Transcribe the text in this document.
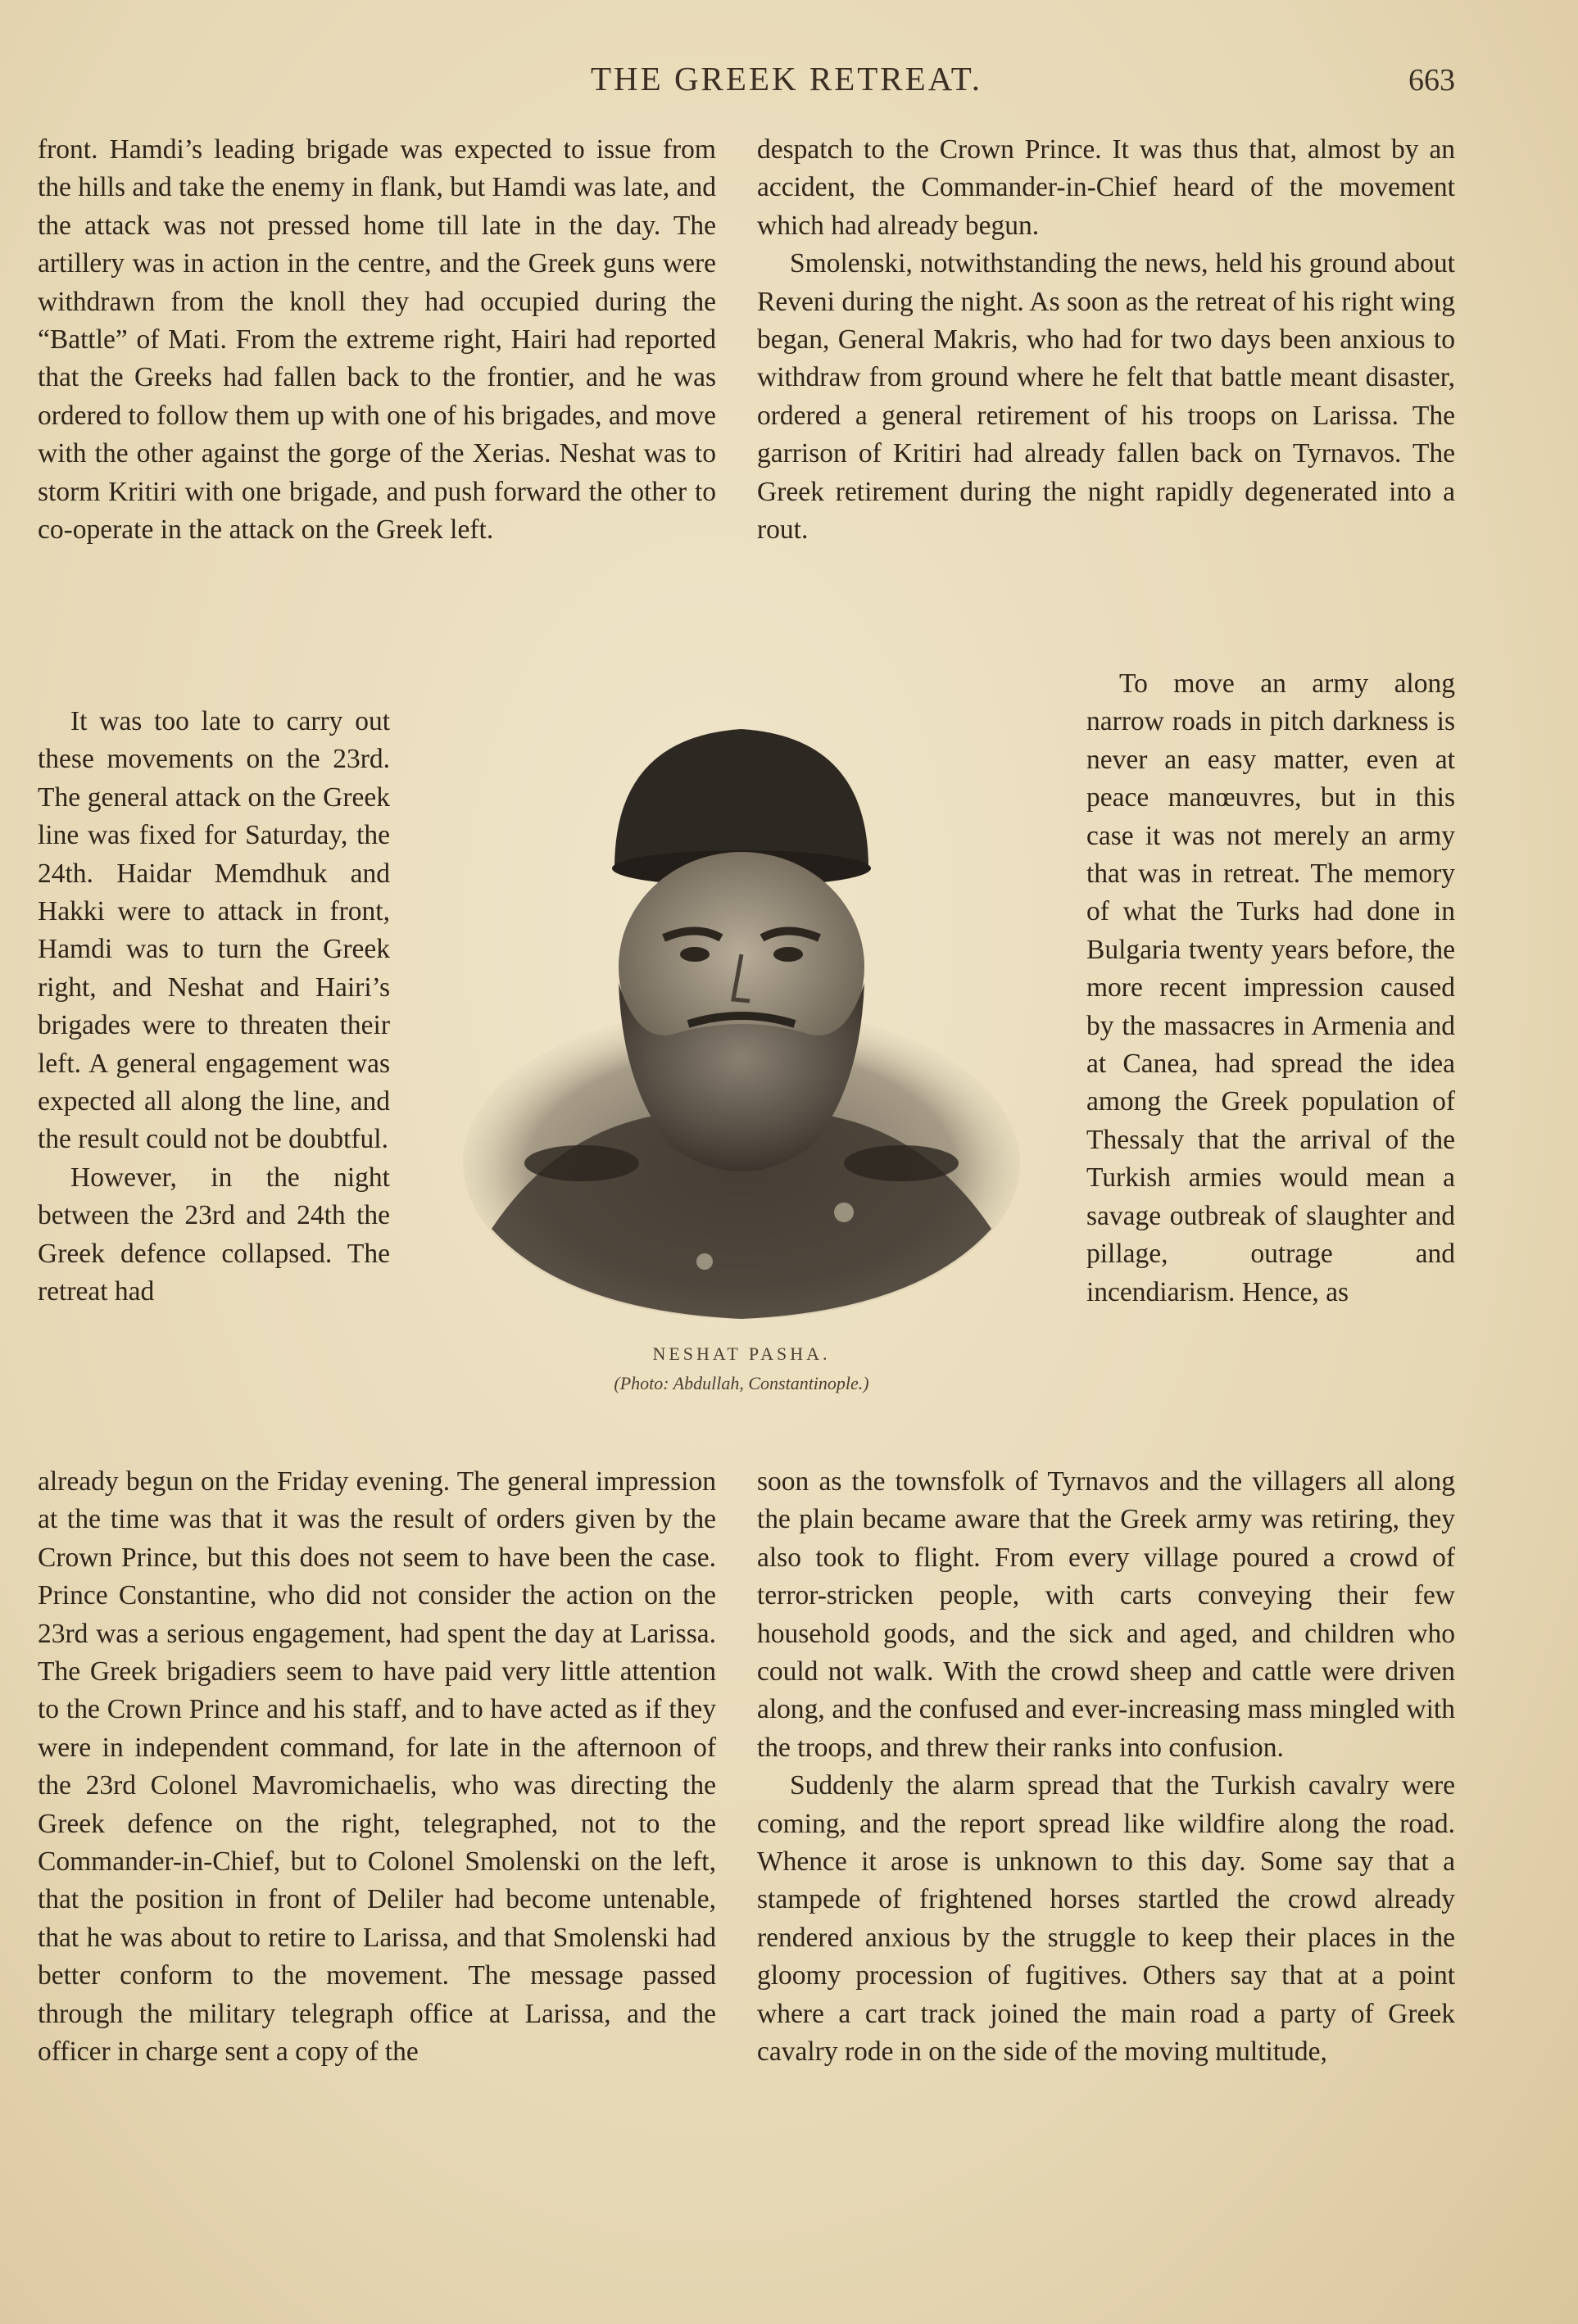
THE GREEK RETREAT.	663

front. Hamdi’s leading brigade was expected to issue from the hills and take the enemy in flank, but Hamdi was late, and the attack was not pressed home till late in the day. The artillery was in action in the centre, and the Greek guns were withdrawn from the knoll they had occupied during the “Battle” of Mati. From the extreme right, Hairi had reported that the Greeks had fallen back to the frontier, and he was ordered to follow them up with one of his brigades, and move with the other against the gorge of the Xerias. Neshat was to storm Kritiri with one brigade, and push forward the other to co-operate in the attack on the Greek left.

It was too late to carry out these movements on the 23rd. The general attack on the Greek line was fixed for Saturday, the 24th. Haidar Memdhuk and Hakki were to attack in front, Hamdi was to turn the Greek right, and Neshat and Hairi’s brigades were to threaten their left. A general engagement was expected all along the line, and the result could not be doubtful.

However, in the night between the 23rd and 24th the Greek defence collapsed. The retreat had

already begun on the Friday evening. The general impression at the time was that it was the result of orders given by the Crown Prince, but this does not seem to have been the case. Prince Constantine, who did not consider the action on the 23rd was a serious engagement, had spent the day at Larissa. The Greek brigadiers seem to have paid very little attention to the Crown Prince and his staff, and to have acted as if they were in independent command, for late in the afternoon of the 23rd Colonel Mavromichaelis, who was directing the Greek defence on the right, telegraphed, not to the Commander-in-Chief, but to Colonel Smolenski on the left, that the position in front of Deliler had become untenable, that he was about to retire to Larissa, and that Smolenski had better conform to the movement. The message passed through the military telegraph office at Larissa, and the officer in charge sent a copy of the

despatch to the Crown Prince. It was thus that, almost by an accident, the Commander-in-Chief heard of the movement which had already begun.

Smolenski, notwithstanding the news, held his ground about Reveni during the night. As soon as the retreat of his right wing began, General Makris, who had for two days been anxious to withdraw from ground where he felt that battle meant disaster, ordered a general retirement of his troops on Larissa. The garrison of Kritiri had already fallen back on Tyrnavos. The Greek retirement during the night rapidly degenerated into a rout.

To move an army along narrow roads in pitch darkness is never an easy matter, even at peace manœuvres, but in this case it was not merely an army that was in retreat. The memory of what the Turks had done in Bulgaria twenty years before, the more recent impression caused by the massacres in Armenia and at Canea, had spread the idea among the Greek population of Thessaly that the arrival of the Turkish armies would mean a savage outbreak of slaughter and pillage, outrage and incendiarism. Hence, as

soon as the townsfolk of Tyrnavos and the villagers all along the plain became aware that the Greek army was retiring, they also took to flight. From every village poured a crowd of terror-stricken people, with carts conveying their few household goods, and the sick and aged, and children who could not walk. With the crowd sheep and cattle were driven along, and the confused and ever-increasing mass mingled with the troops, and threw their ranks into confusion.

Suddenly the alarm spread that the Turkish cavalry were coming, and the report spread like wildfire along the road. Whence it arose is unknown to this day. Some say that a stampede of frightened horses startled the crowd already rendered anxious by the struggle to keep their places in the gloomy procession of fugitives. Others say that at a point where a cart track joined the main road a party of Greek cavalry rode in on the side of the moving multitude,

NESHAT PASHA.
(Photo: Abdullah, Constantinople.)
